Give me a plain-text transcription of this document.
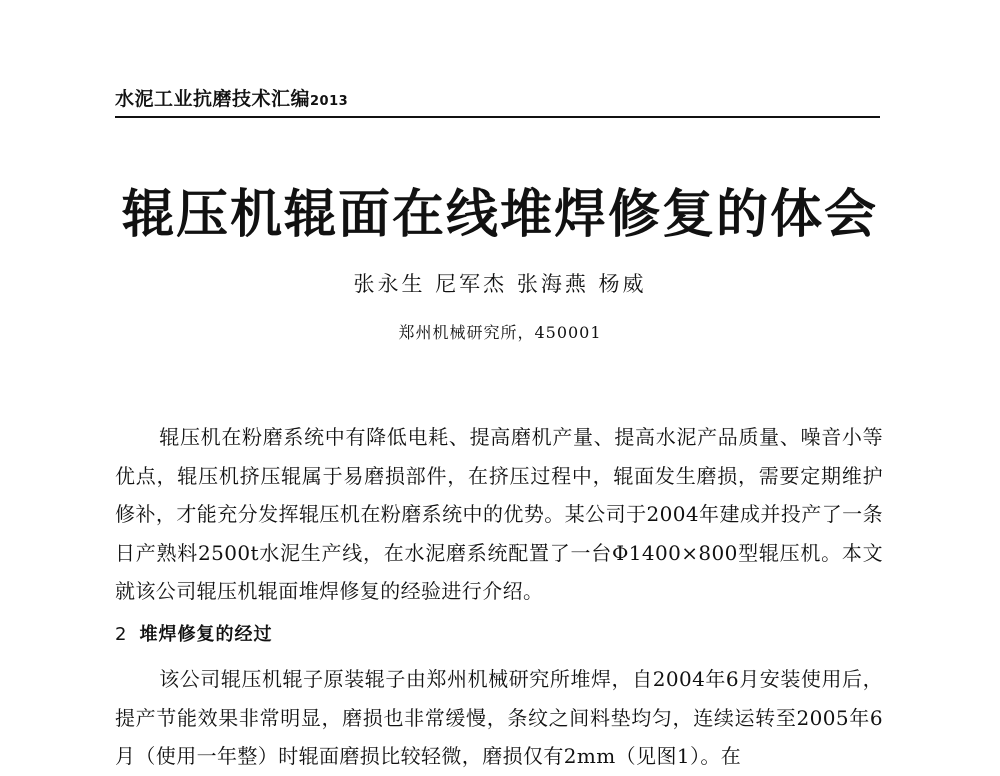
水泥工业抗磨技术汇编2013
辊压机辊面在线堆焊修复的体会
张永生 尼军杰 张海燕 杨威
郑州机械研究所，450001

辊压机在粉磨系统中有降低电耗、提高磨机产量、提高水泥产品质量、噪音小等优点，辊压机挤压辊属于易磨损部件，在挤压过程中，辊面发生磨损，需要定期维护修补，才能充分发挥辊压机在粉磨系统中的优势。某公司于2004年建成并投产了一条日产熟料2500t水泥生产线，在水泥磨系统配置了一台Φ1400×800型辊压机。本文就该公司辊压机辊面堆焊修复的经验进行介绍。

2 堆焊修复的经过

该公司辊压机辊子原装辊子由郑州机械研究所堆焊，自2004年6月安装使用后，提产节能效果非常明显，磨损也非常缓慢，条纹之间料垫均匀，连续运转至2005年6月（使用一年整）时辊面磨损比较轻微，磨损仅有2mm（见图1）。在
